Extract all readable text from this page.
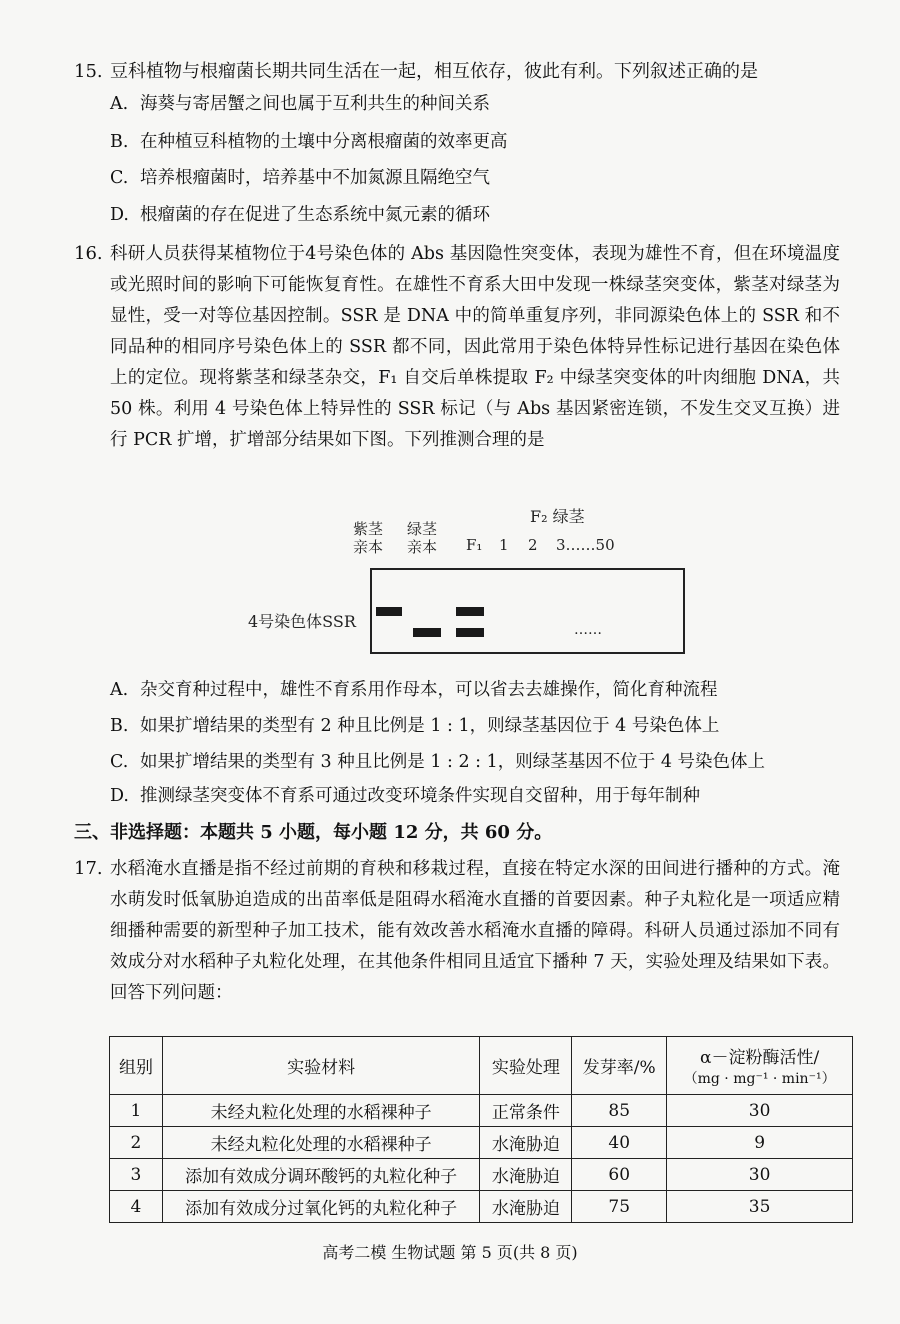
15. 豆科植物与根瘤菌长期共同生活在一起，相互依存，彼此有利。下列叙述正确的是
A. 海葵与寄居蟹之间也属于互利共生的种间关系
B. 在种植豆科植物的土壤中分离根瘤菌的效率更高
C. 培养根瘤菌时，培养基中不加氮源且隔绝空气
D. 根瘤菌的存在促进了生态系统中氮元素的循环
16. 科研人员获得某植物位于4号染色体的 Abs 基因隐性突变体，表现为雄性不育，但在环境温度或光照时间的影响下可能恢复育性。在雄性不育系大田中发现一株绿茎突变体，紫茎对绿茎为显性，受一对等位基因控制。SSR 是 DNA 中的简单重复序列，非同源染色体上的 SSR 和不同品种的相同序号染色体上的 SSR 都不同，因此常用于染色体特异性标记进行基因在染色体上的定位。现将紫茎和绿茎杂交，F₁ 自交后单株提取 F₂ 中绿茎突变体的叶肉细胞 DNA，共 50 株。利用 4 号染色体上特异性的 SSR 标记（与 Abs 基因紧密连锁，不发生交叉互换）进行 PCR 扩增，扩增部分结果如下图。下列推测合理的是
F₂ 绿茎
紫茎
亲本
绿茎
亲本 F₁ 1 2 3……50
4号染色体SSR	……
A. 杂交育种过程中，雄性不育系用作母本，可以省去去雄操作，简化育种流程
B. 如果扩增结果的类型有 2 种且比例是 1 : 1，则绿茎基因位于 4 号染色体上
C. 如果扩增结果的类型有 3 种且比例是 1 : 2 : 1，则绿茎基因不位于 4 号染色体上
D. 推测绿茎突变体不育系可通过改变环境条件实现自交留种，用于每年制种
三、非选择题：本题共 5 小题，每小题 12 分，共 60 分。
17. 水稻淹水直播是指不经过前期的育秧和移栽过程，直接在特定水深的田间进行播种的方式。淹水萌发时低氧胁迫造成的出苗率低是阻碍水稻淹水直播的首要因素。种子丸粒化是一项适应精细播种需要的新型种子加工技术，能有效改善水稻淹水直播的障碍。科研人员通过添加不同有效成分对水稻种子丸粒化处理，在其他条件相同且适宜下播种 7 天，实验处理及结果如下表。回答下列问题：
组别	实验材料	实验处理	发芽率/%	α－淀粉酶活性/
（mg · mg⁻¹ · min⁻¹）

1	未经丸粒化处理的水稻裸种子	正常条件	85	30
2	未经丸粒化处理的水稻裸种子	水淹胁迫	40	9
3	添加有效成分调环酸钙的丸粒化种子	水淹胁迫	60	30
4	添加有效成分过氧化钙的丸粒化种子	水淹胁迫	75	35
高考二模 生物试题 第 5 页(共 8 页)
